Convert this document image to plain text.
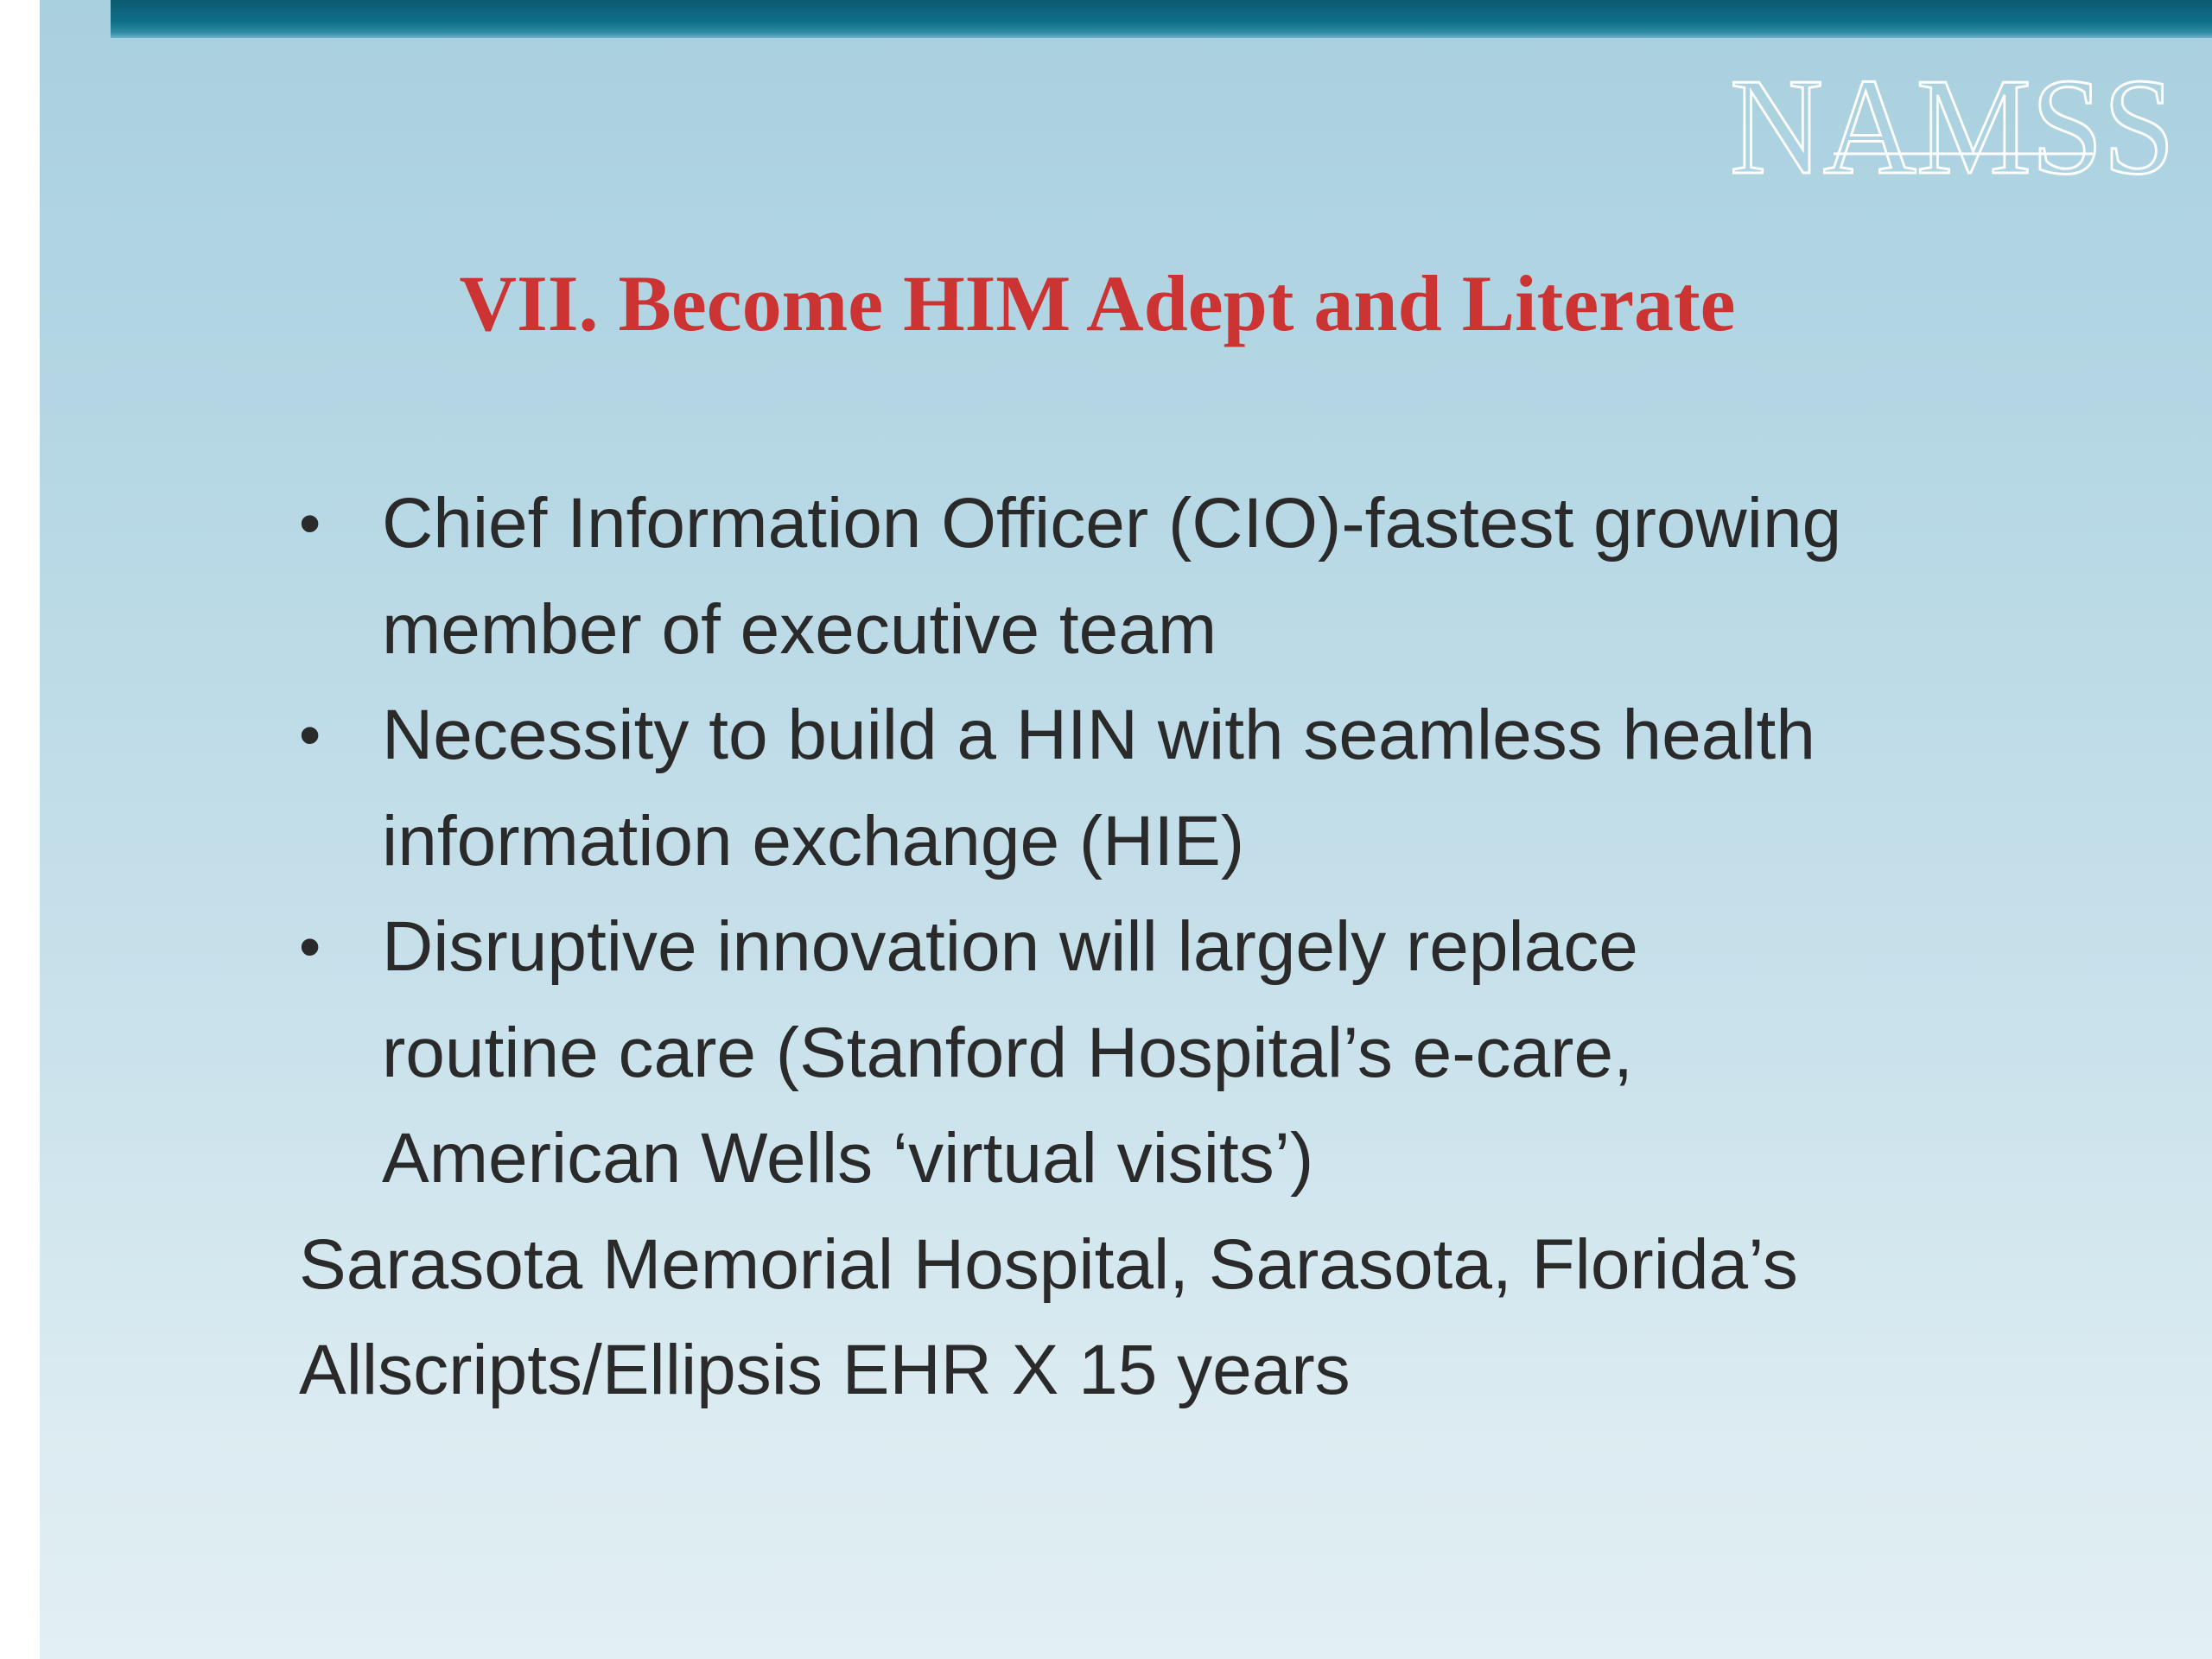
NAMSS
VII. Become HIM Adept and Literate
• Chief Information Officer (CIO)-fastest growing
member of executive team
• Necessity to build a HIN with seamless health
information exchange (HIE)
• Disruptive innovation will largely replace
routine care (Stanford Hospital’s e-care,
American Wells ‘virtual visits’)

Sarasota Memorial Hospital, Sarasota, Florida’s
Allscripts/Ellipsis EHR X 15 years
